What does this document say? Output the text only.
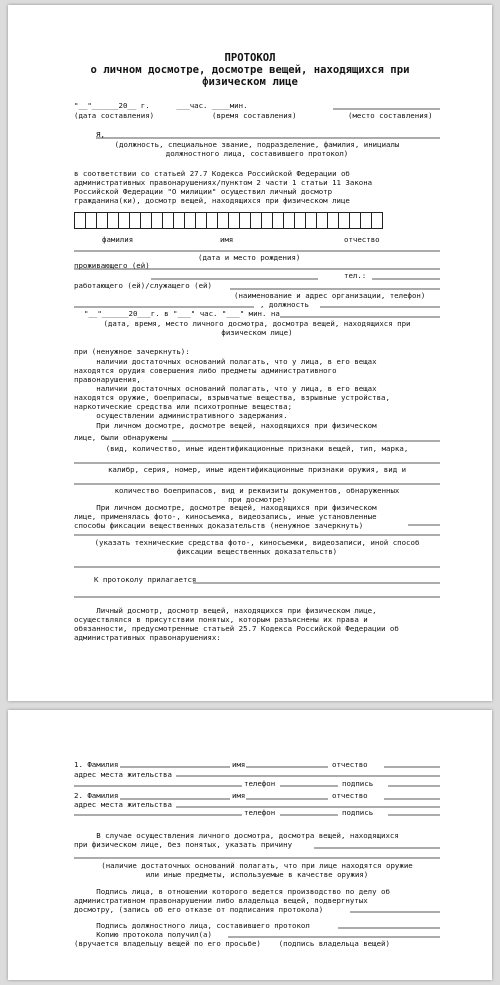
ПРОТОКОЛ
о личном досмотре, досмотре вещей, находящихся при
физическом лице
"__"______20__ г.      ___час. ____мин.
(дата составления)	(время составления)	(место составления)
Я,
(должность, специальное звание, подразделение, фамилия, инициалы
должностного лица, составившего протокол)
в соответствии со статьей 27.7 Кодекса Российской Федерации об
административных правонарушениях/пунктом 2 части 1 статьи 11 Закона
Российской Федерации "О милиции" осуществил личный досмотр
гражданина(ки), досмотр вещей, находящихся при физическом лице
фамилия	имя	отчество
(дата и место рождения)
проживающего (ей)
тел.:
работающего (ей)/служащего (ей)
(наименование и адрес организации, телефон)
, должность
"__"______20___г. в "___" час. "___" мин. на
(дата, время, место личного досмотра, досмотра вещей, находящихся при
физическом лице)
при (ненужное зачеркнуть):
наличии достаточных оснований полагать, что у лица, в его вещах
находятся орудия совершения либо предметы административного
правонарушения,
наличии достаточных оснований полагать, что у лица, в его вещах
находятся оружие, боеприпасы, взрывчатые вещества, взрывные устройства,
наркотические средства или психотропные вещества;
осуществлении административного задержания.
При личном досмотре, досмотре вещей, находящихся при физическом
лице, были обнаружены
(вид, количество, иные идентификационные признаки вещей, тип, марка,
калибр, серия, номер, иные идентификационные признаки оружия, вид и
количество боеприпасов, вид и реквизиты документов, обнаруженных
при досмотре)
При личном досмотре, досмотре вещей, находящихся при физическом
лице, применялась фото-, киносъемка, видеозапись, иные установленные
способы фиксации вещественных доказательств (ненужное зачеркнуть)
(указать технические средства фото-, киносъемки, видеозаписи, иной способ
фиксации вещественных доказательств)
К протоколу прилагается
Личный досмотр, досмотр вещей, находящихся при физическом лице,
осуществлялся в присутствии понятых, которым разъяснены их права и
обязанности, предусмотренные статьей 25.7 Кодекса Российской Федерации об
административных правонарушениях:
1. Фамилия	имя	отчество
адрес места жительства
телефон	подпись
2. Фамилия	имя	отчество
адрес места жительства
телефон	подпись
В случае осуществления личного досмотра, досмотра вещей, находящихся
при физическом лице, без понятых, указать причину
(наличие достаточных оснований полагать, что при лице находятся оружие
или иные предметы, используемые в качестве оружия)
Подпись лица, в отношении которого ведется производство по делу об
административном правонарушении либо владельца вещей, подвергнутых
досмотру, (запись об его отказе от подписания протокола)
Подпись должностного лица, составившего протокол
Копию протокола получил(а)
(вручается владельцу вещей по его просьбе)    (подпись владельца вещей)
